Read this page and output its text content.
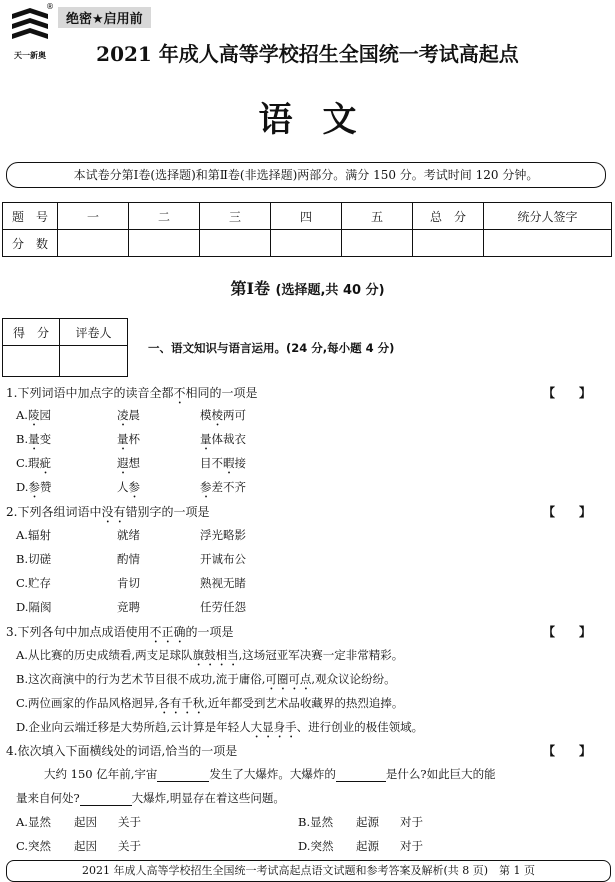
®
天一新奥
绝密★启用前
2021 年成人高等学校招生全国统一考试高起点
语文
本试卷分第Ⅰ卷(选择题)和第Ⅱ卷(非选择题)两部分。满分 150 分。考试时间 120 分钟。
题　号	一	二	三	四	五	总　分	统分人签字
分　数							
第Ⅰ卷 (选择题,共 40 分)
得　分	评卷人

一、语文知识与语言运用。(24 分,每小题 4 分)
1.下列词语中加点字的读音全都不相同的一项是	【　　】
A.陵园	凌晨	模棱两可
B.量变	量杯	量体裁衣
C.瑕疵	遐想	目不暇接
D.参赞	人参	参差不齐
2.下列各组词语中没有错别字的一项是	【　　】
A.辐射	就绪	浮光略影
B.切磋	酌情	开诚布公
C.贮存	肯切	熟视无睹
D.隔阂	竞聘	任劳任怨
3.下列各句中加点成语使用不正确的一项是	【　　】
A.从比赛的历史成绩看,两支足球队旗鼓相当,这场冠亚军决赛一定非常精彩。
B.这次商演中的行为艺术节目很不成功,流于庸俗,可圈可点,观众议论纷纷。
C.两位画家的作品风格迥异,各有千秋,近年都受到艺术品收藏界的热烈追捧。
D.企业向云端迁移是大势所趋,云计算是年轻人大显身手、进行创业的极佳领域。
4.依次填入下面横线处的词语,恰当的一项是	【　　】
大约 150 亿年前,宇宙	发生了大爆炸。大爆炸的	是什么?如此巨大的能
量来自何处?	大爆炸,明显存在着这些问题。
A.显然 起因 关于	B.显然 起源 对于
C.突然 起因 关于	D.突然 起源 对于
2021 年成人高等学校招生全国统一考试高起点语文试题和参考答案及解析(共 8 页)　第 1 页
